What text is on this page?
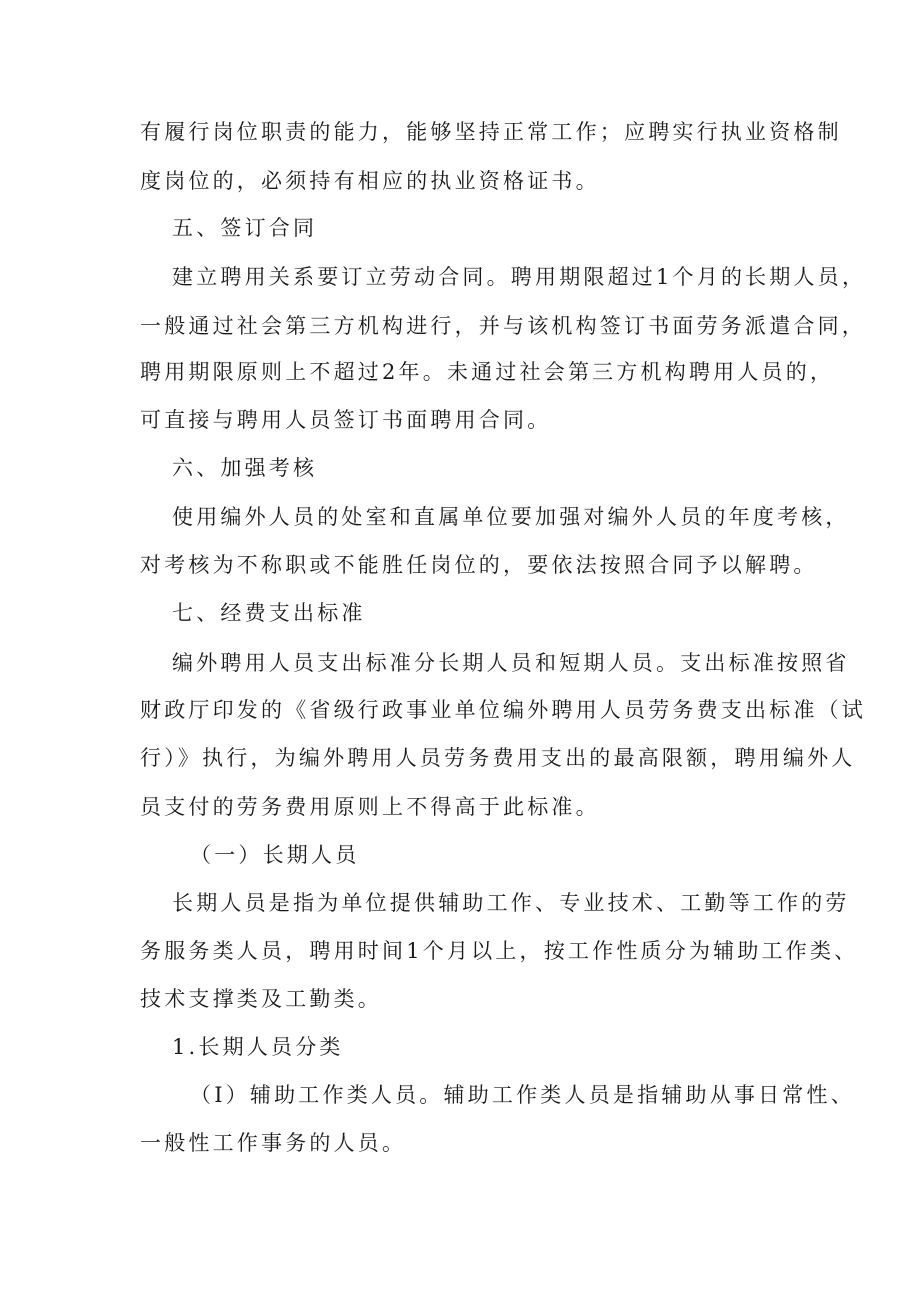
有履行岗位职责的能力，能够坚持正常工作；应聘实行执业资格制
度岗位的，必须持有相应的执业资格证书。
五、签订合同
建立聘用关系要订立劳动合同。聘用期限超过1个月的长期人员，
一般通过社会第三方机构进行，并与该机构签订书面劳务派遣合同，
聘用期限原则上不超过2年。未通过社会第三方机构聘用人员的，
可直接与聘用人员签订书面聘用合同。
六、加强考核
使用编外人员的处室和直属单位要加强对编外人员的年度考核，
对考核为不称职或不能胜任岗位的，要依法按照合同予以解聘。
七、经费支出标准
编外聘用人员支出标准分长期人员和短期人员。支出标准按照省
财政厅印发的《省级行政事业单位编外聘用人员劳务费支出标准（试
行）》执行，为编外聘用人员劳务费用支出的最高限额，聘用编外人
员支付的劳务费用原则上不得高于此标准。
（一）长期人员
长期人员是指为单位提供辅助工作、专业技术、工勤等工作的劳
务服务类人员，聘用时间1个月以上，按工作性质分为辅助工作类、
技术支撑类及工勤类。
1.长期人员分类
（I）辅助工作类人员。辅助工作类人员是指辅助从事日常性、
一般性工作事务的人员。
